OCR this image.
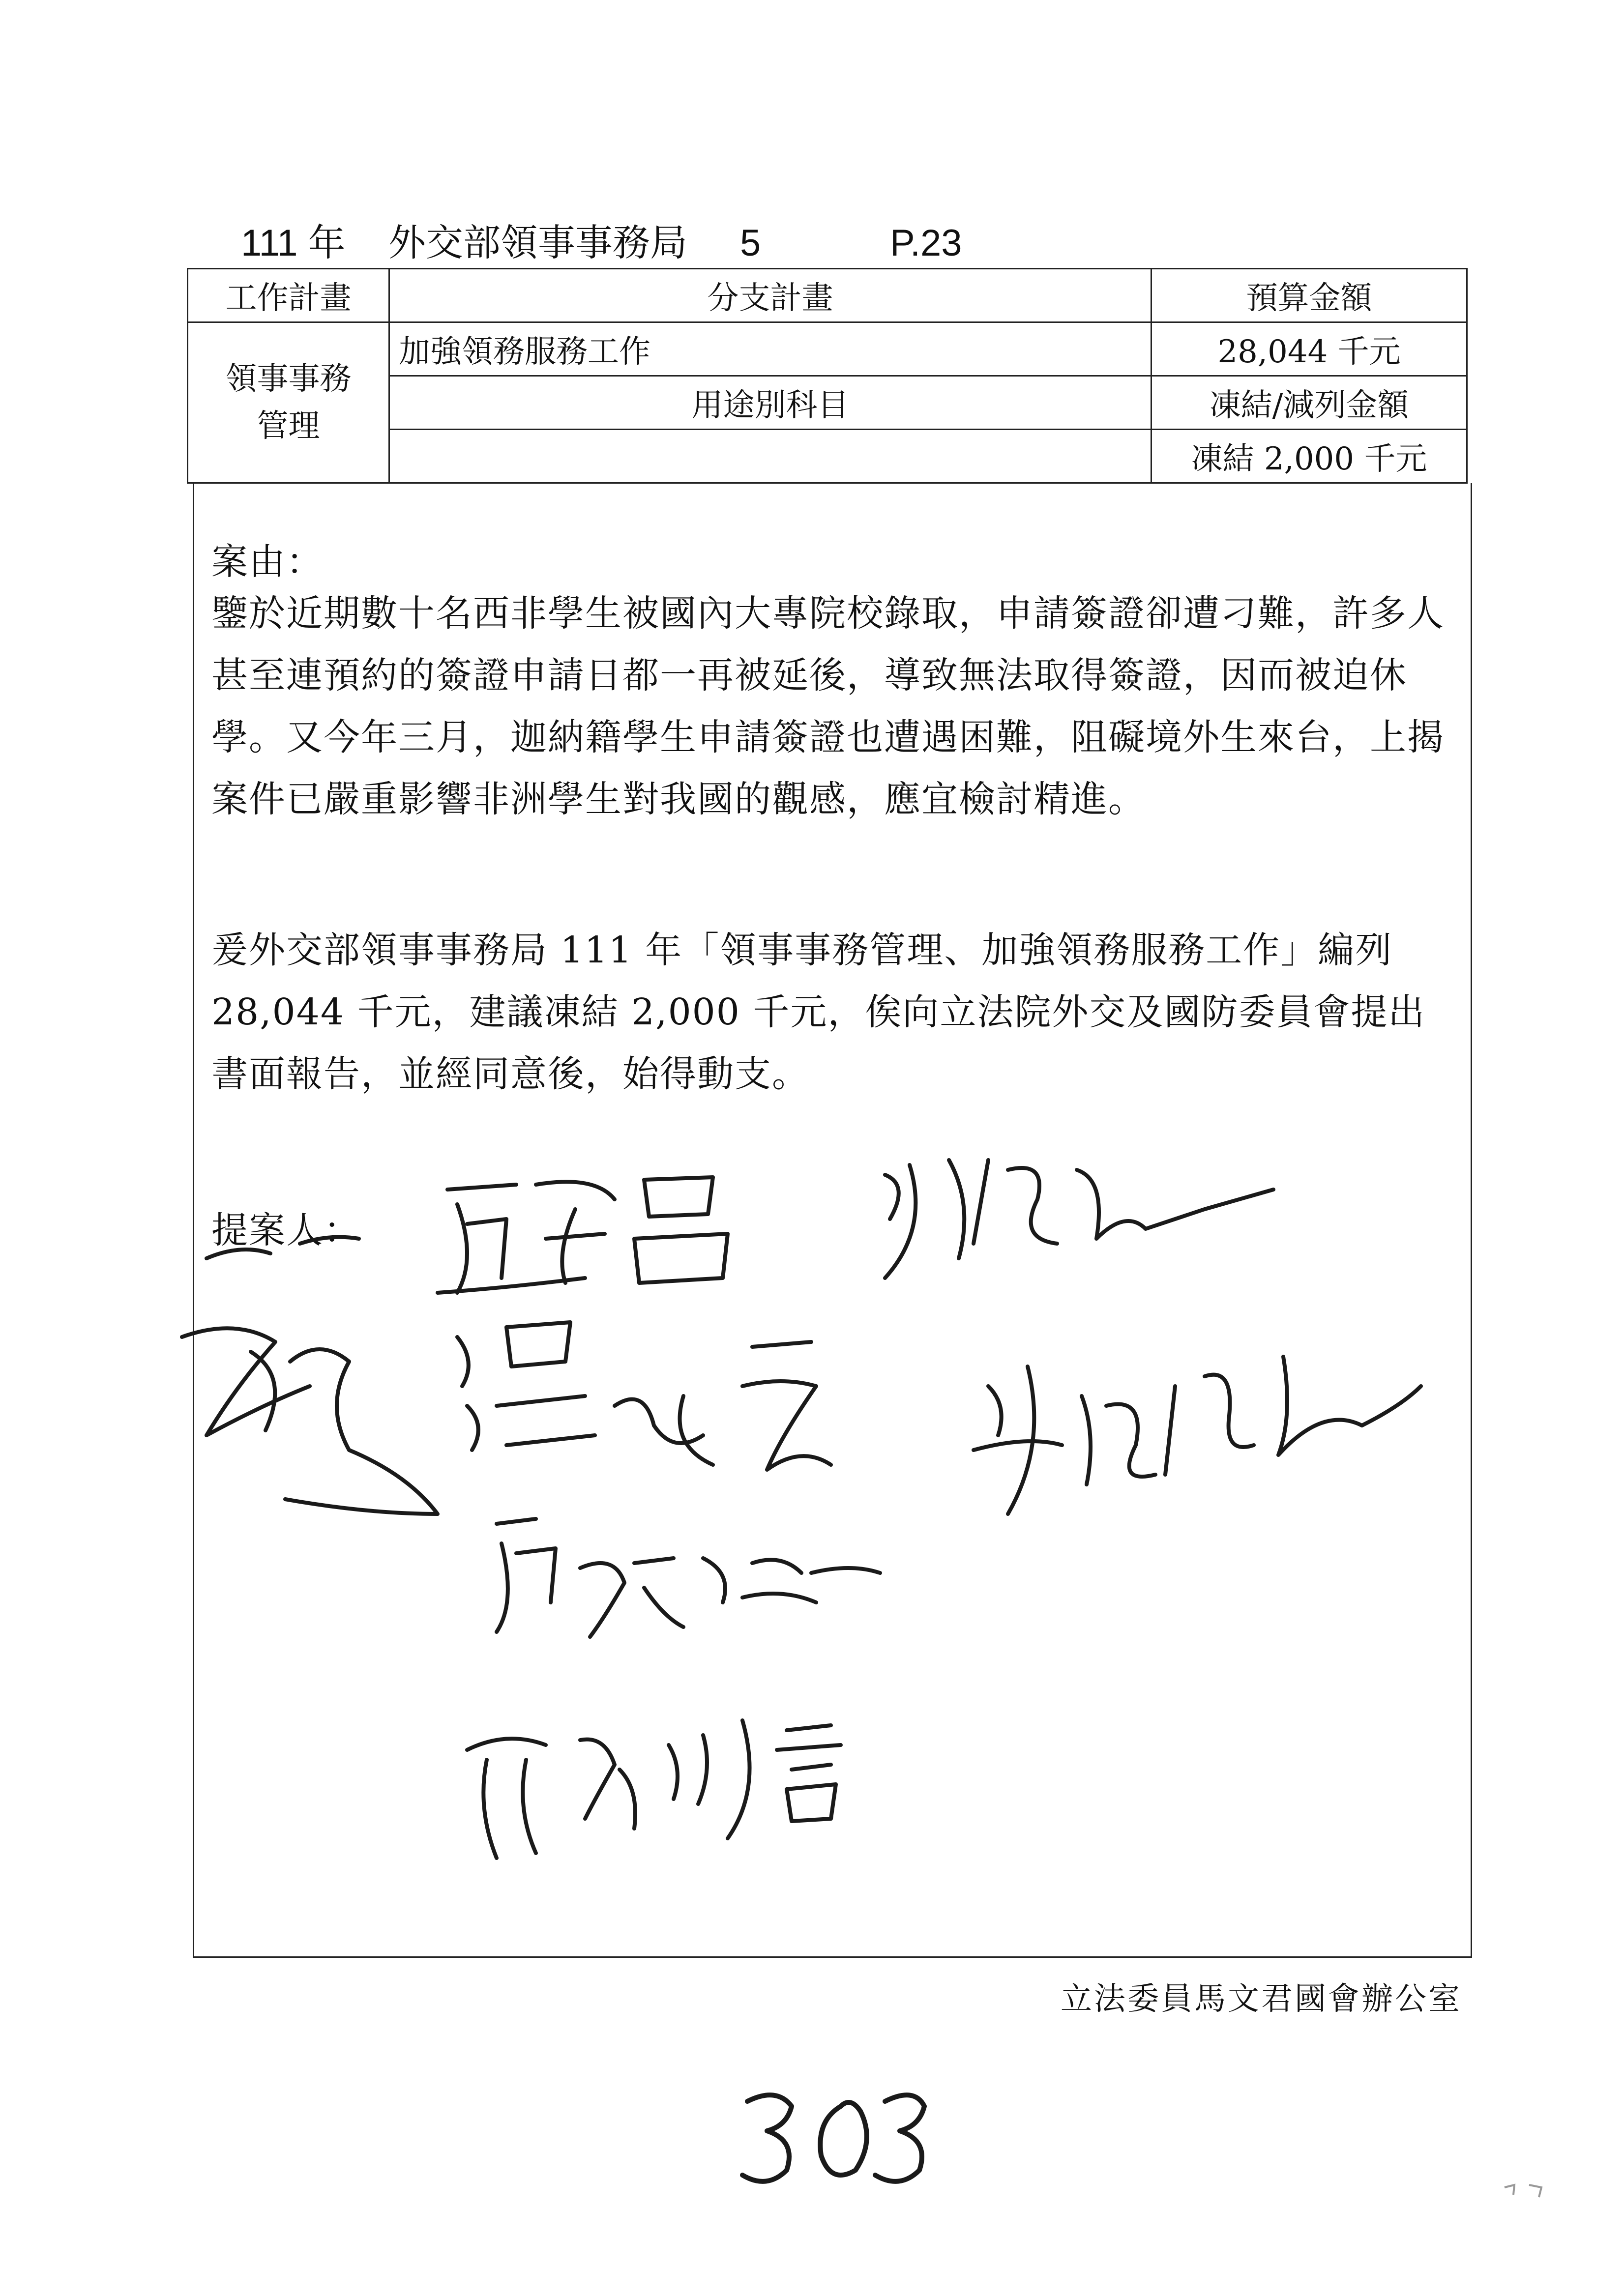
111 年 外交部領事事務局 5	P.23
工作計畫	分支計畫	預算金額
領事事務管理	加強領務服務工作	28,044 千元
	用途別科目	凍結/減列金額
		凍結 2,000 千元

案由：

鑒於近期數十名西非學生被國內大專院校錄取，申請簽證卻遭刁難，許多人甚至連預約的簽證申請日都一再被延後，導致無法取得簽證，因而被迫休學。又今年三月，迦納籍學生申請簽證也遭遇困難，阻礙境外生來台，上揭案件已嚴重影響非洲學生對我國的觀感，應宜檢討精進。

爰外交部領事事務局 111 年「領事事務管理、加強領務服務工作」編列 28,044 千元，建議凍結 2,000 千元，俟向立法院外交及國防委員會提出書面報告，並經同意後，始得動支。

提案人：

立法委員馬文君國會辦公室
